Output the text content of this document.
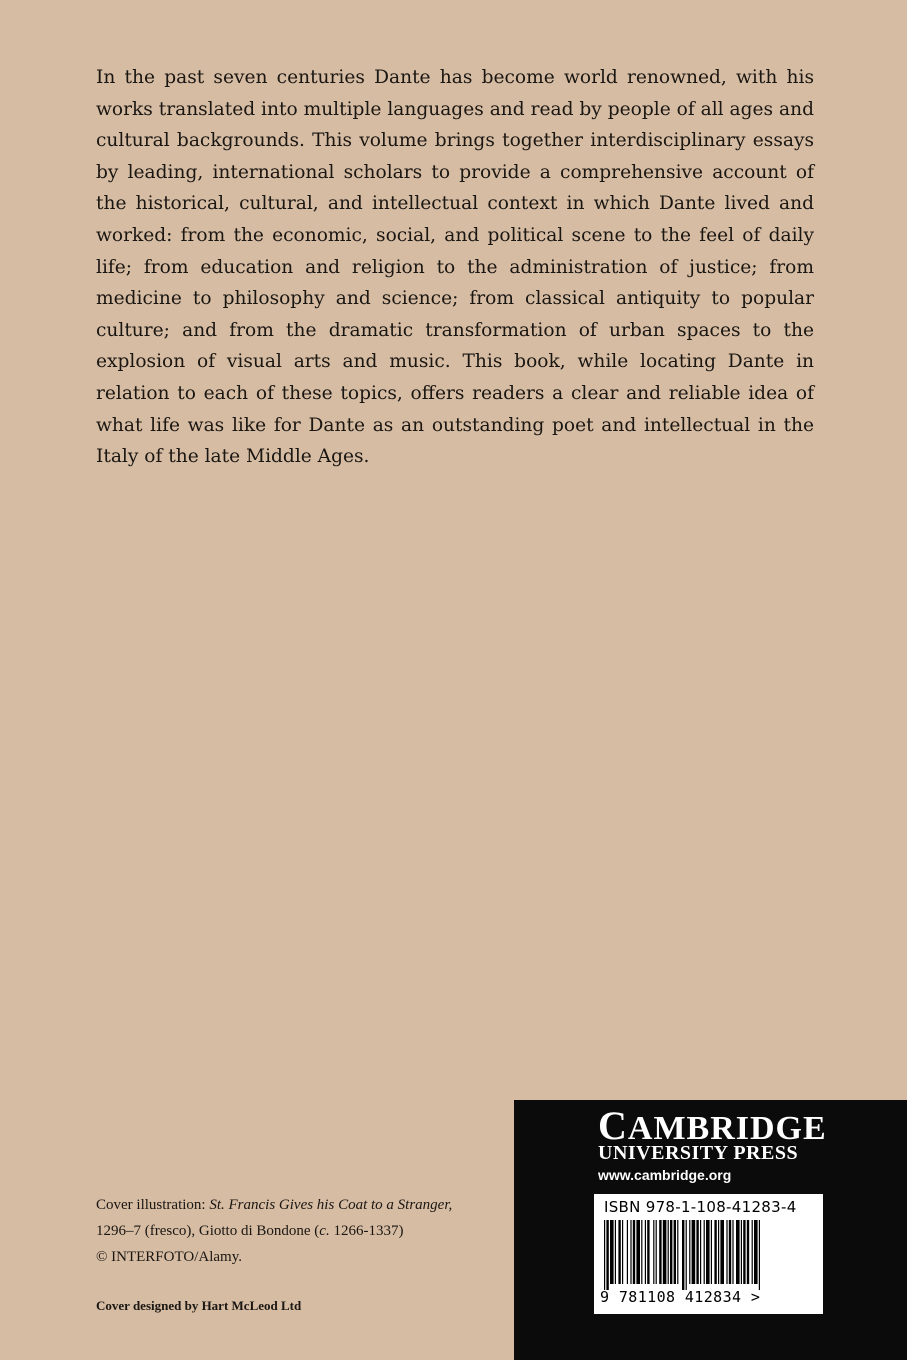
In the past seven centuries Dante has become world renowned, with his works translated into multiple languages and read by people of all ages and cultural backgrounds. This volume brings together interdisciplinary essays by leading, international scholars to provide a comprehensive account of the historical, cultural, and intellectual context in which Dante lived and worked: from the economic, social, and political scene to the feel of daily life; from education and religion to the administration of justice; from medicine to philosophy and science; from classical antiquity to popular culture; and from the dramatic transformation of urban spaces to the explosion of visual arts and music. This book, while locating Dante in relation to each of these topics, offers readers a clear and reliable idea of what life was like for Dante as an outstanding poet and intellectual in the Italy of the late Middle Ages.

Cover illustration: St. Francis Gives his Coat to a Stranger,
1296–7 (fresco), Giotto di Bondone (c. 1266-1337)
© INTERFOTO/Alamy.
Cover designed by Hart McLeod Ltd
CAMBRIDGE
UNIVERSITY PRESS
www.cambridge.org
ISBN 978-1-108-41283-4
9 781108 412834 >
